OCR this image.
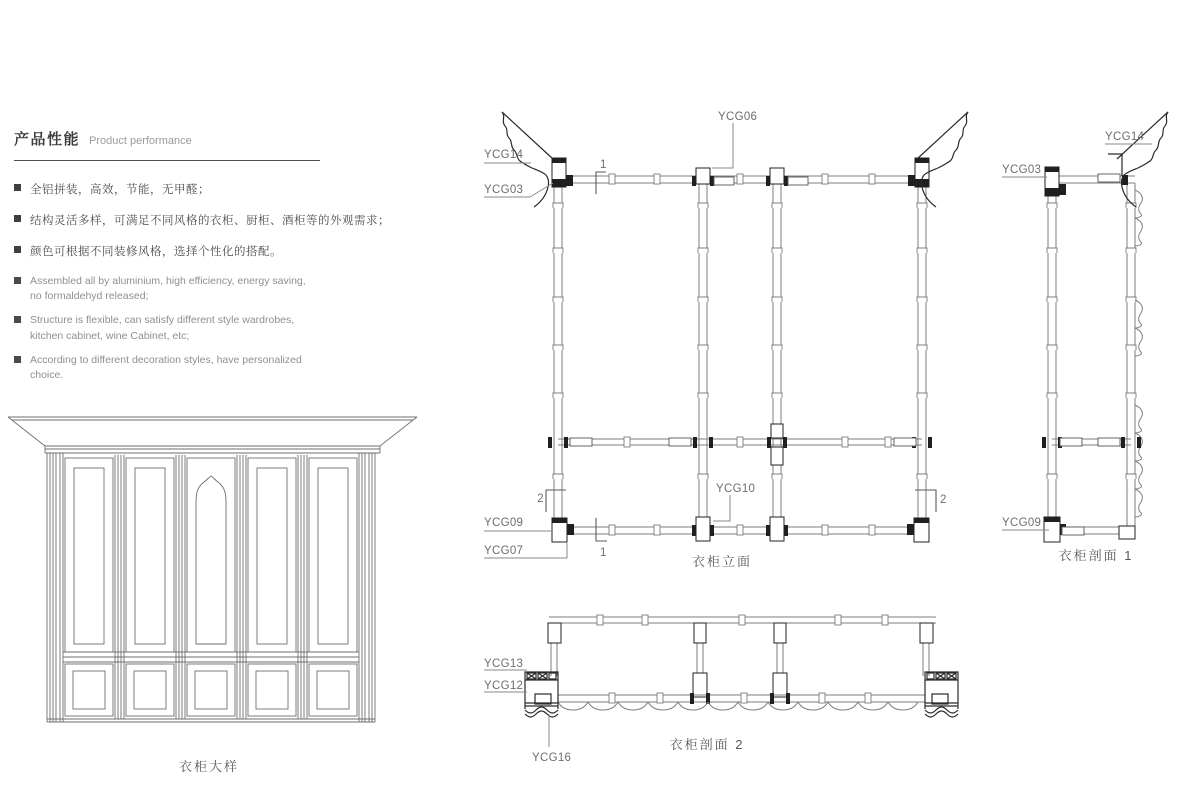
产品性能 Product performance
全铝拼装，高效，节能，无甲醛；
结构灵活多样，可满足不同风格的衣柜、厨柜、酒柜等的外观需求；
颜色可根据不同装修风格，选择个性化的搭配。
Assembled all by aluminium, high efficiency, energy saving, no formaldehyd released;
Structure is flexible, can satisfy different style wardrobes, kitchen cabinet, wine Cabinet, etc;
According to different decoration styles, have personalized choice.
衣柜大样
YCG14
YCG03
YCG06
YCG09
YCG07
YCG10
1
1
2	2
衣柜立面
YCG03
YCG14
YCG09
衣柜剖面 1
YCG13
YCG12
YCG16
衣柜剖面 2
